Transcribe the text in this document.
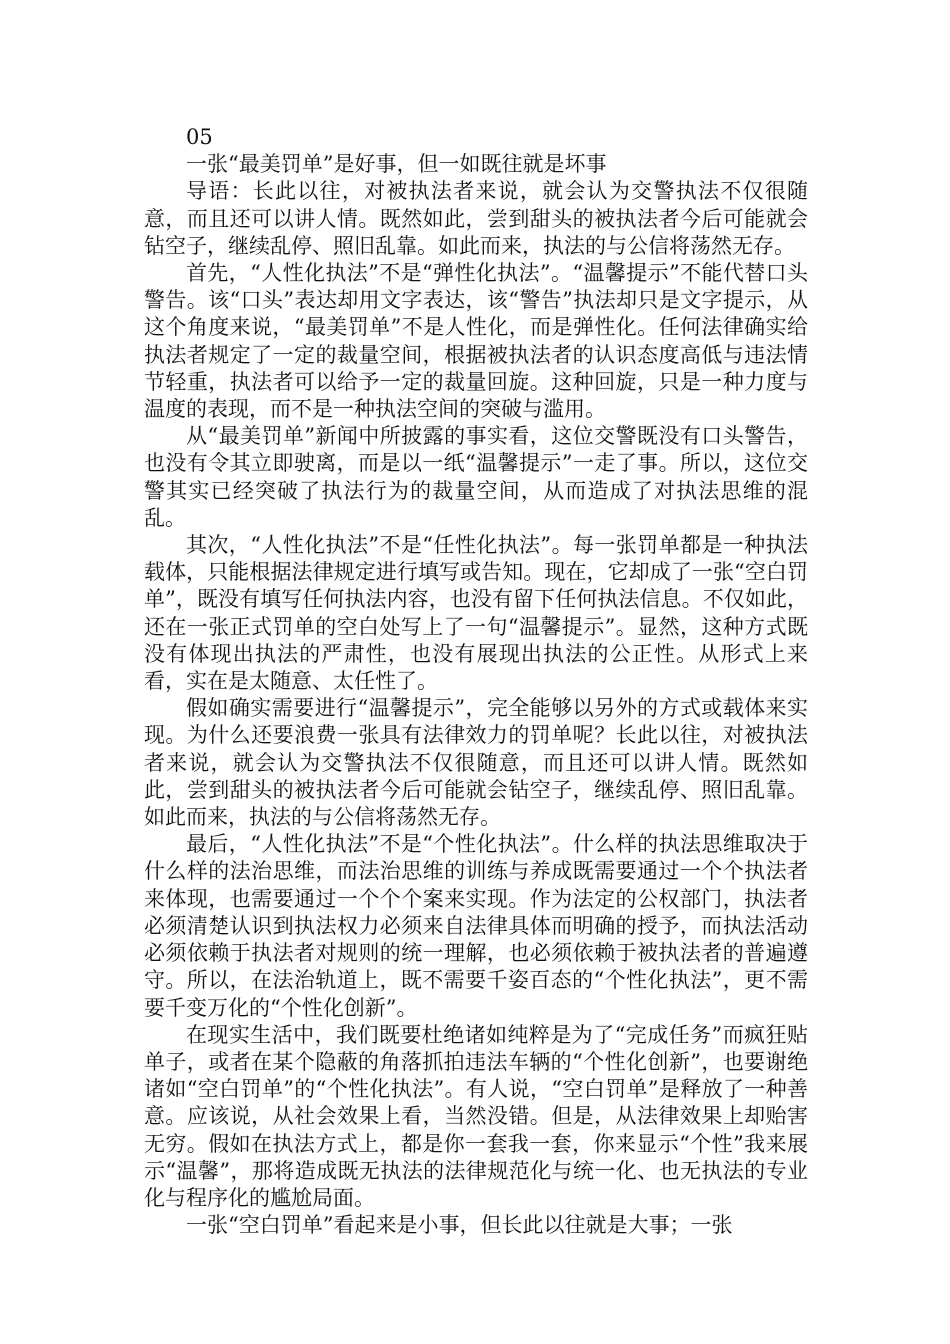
05

一张“最美罚单”是好事，但一如既往就是坏事

导语：长此以往，对被执法者来说，就会认为交警执法不仅很随意，而且还可以讲人情。既然如此，尝到甜头的被执法者今后可能就会钻空子，继续乱停、照旧乱靠。如此而来，执法的与公信将荡然无存。

首先，“人性化执法”不是“弹性化执法”。“温馨提示”不能代替口头警告。该“口头”表达却用文字表达，该“警告”执法却只是文字提示，从这个角度来说，“最美罚单”不是人性化，而是弹性化。任何法律确实给执法者规定了一定的裁量空间，根据被执法者的认识态度高低与违法情节轻重，执法者可以给予一定的裁量回旋。这种回旋，只是一种力度与温度的表现，而不是一种执法空间的突破与滥用。

从“最美罚单”新闻中所披露的事实看，这位交警既没有口头警告，也没有令其立即驶离，而是以一纸“温馨提示”一走了事。所以，这位交警其实已经突破了执法行为的裁量空间，从而造成了对执法思维的混乱。

其次，“人性化执法”不是“任性化执法”。每一张罚单都是一种执法载体，只能根据法律规定进行填写或告知。现在，它却成了一张“空白罚单”，既没有填写任何执法内容，也没有留下任何执法信息。不仅如此，还在一张正式罚单的空白处写上了一句“温馨提示”。显然，这种方式既没有体现出执法的严肃性，也没有展现出执法的公正性。从形式上来看，实在是太随意、太任性了。

假如确实需要进行“温馨提示”，完全能够以另外的方式或载体来实现。为什么还要浪费一张具有法律效力的罚单呢？长此以往，对被执法者来说，就会认为交警执法不仅很随意，而且还可以讲人情。既然如此，尝到甜头的被执法者今后可能就会钻空子，继续乱停、照旧乱靠。如此而来，执法的与公信将荡然无存。

最后，“人性化执法”不是“个性化执法”。什么样的执法思维取决于什么样的法治思维，而法治思维的训练与养成既需要通过一个个执法者来体现，也需要通过一个个个案来实现。作为法定的公权部门，执法者必须清楚认识到执法权力必须来自法律具体而明确的授予，而执法活动必须依赖于执法者对规则的统一理解，也必须依赖于被执法者的普遍遵守。所以，在法治轨道上，既不需要千姿百态的“个性化执法”，更不需要千变万化的“个性化创新”。

在现实生活中，我们既要杜绝诸如纯粹是为了“完成任务”而疯狂贴单子，或者在某个隐蔽的角落抓拍违法车辆的“个性化创新”，也要谢绝诸如“空白罚单”的“个性化执法”。有人说，“空白罚单”是释放了一种善意。应该说，从社会效果上看，当然没错。但是，从法律效果上却贻害无穷。假如在执法方式上，都是你一套我一套，你来显示“个性”我来展示“温馨”，那将造成既无执法的法律规范化与统一化、也无执法的专业化与程序化的尴尬局面。

一张“空白罚单”看起来是小事，但长此以往就是大事；一张
